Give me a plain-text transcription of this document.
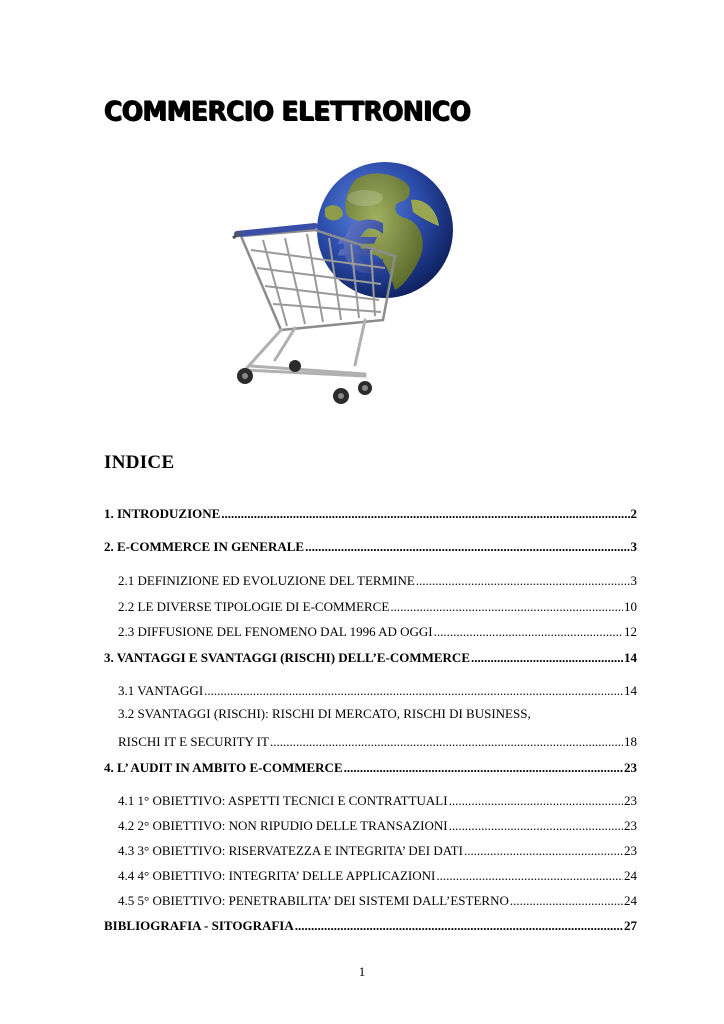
COMMERCIO ELETTRONICO
€
INDICE
1. INTRODUZIONE .....	2
2. E-COMMERCE IN GENERALE .....	3
2.1 DEFINIZIONE ED EVOLUZIONE DEL TERMINE .....	3
2.2 LE DIVERSE TIPOLOGIE DI E-COMMERCE .....	10
2.3 DIFFUSIONE DEL FENOMENO DAL 1996 AD OGGI .....	12
3. VANTAGGI E SVANTAGGI (RISCHI) DELL’E-COMMERCE .....	14
3.1 VANTAGGI .....	14
3.2 SVANTAGGI (RISCHI): RISCHI DI MERCATO, RISCHI DI BUSINESS,
RISCHI IT E SECURITY IT .....	18
4. L’ AUDIT IN AMBITO E-COMMERCE .....	23
4.1 1° OBIETTIVO: ASPETTI TECNICI E CONTRATTUALI .....	23
4.2 2° OBIETTIVO: NON RIPUDIO DELLE TRANSAZIONI .....	23
4.3 3° OBIETTIVO: RISERVATEZZA E INTEGRITA’ DEI DATI .....	23
4.4 4° OBIETTIVO: INTEGRITA’ DELLE APPLICAZIONI .....	24
4.5 5° OBIETTIVO: PENETRABILITA’ DEI SISTEMI DALL’ESTERNO .....	24
BIBLIOGRAFIA - SITOGRAFIA .....	27
1
